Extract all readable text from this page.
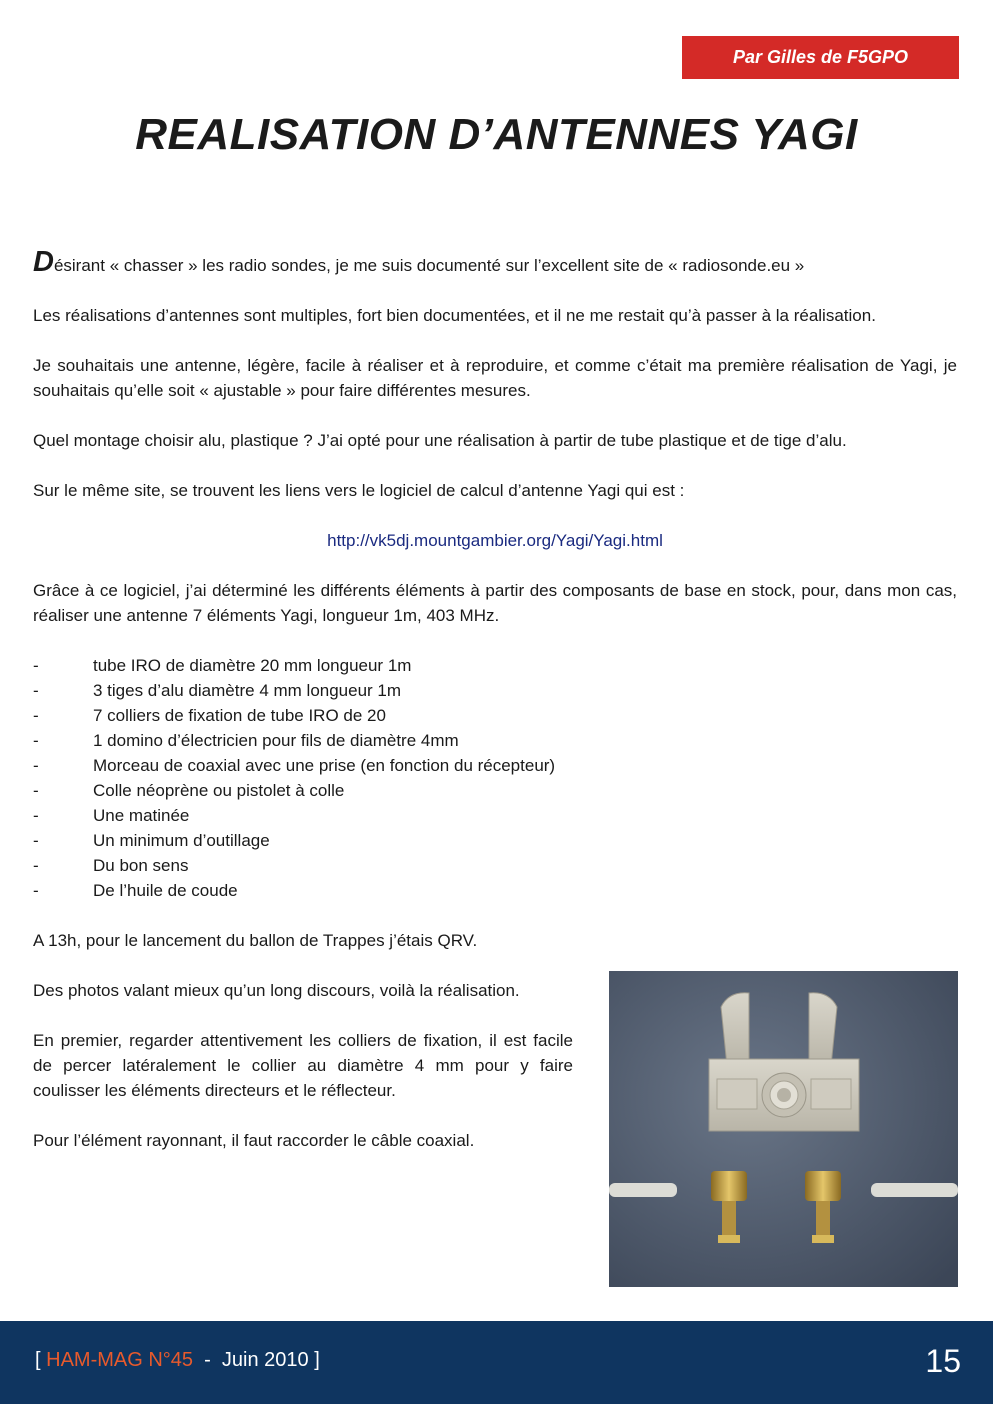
Par Gilles de F5GPO
REALISATION D’ANTENNES YAGI

Désirant « chasser » les radio sondes, je me suis documenté sur l’excellent site de « radiosonde.eu »

Les réalisations d’antennes sont multiples, fort bien documentées, et il ne me restait qu’à passer à la réalisation.

Je souhaitais une antenne, légère, facile à réaliser et à reproduire, et comme c’était ma première réalisation de Yagi, je souhaitais qu’elle soit « ajustable » pour faire différentes mesures.

Quel montage choisir alu, plastique ? J’ai opté pour une réalisation à partir de tube plastique et de tige d’alu.

Sur le même site, se trouvent les liens vers le logiciel de calcul d’antenne Yagi qui est :

http://vk5dj.mountgambier.org/Yagi/Yagi.html

Grâce à ce logiciel, j’ai déterminé les différents éléments à partir des composants de base en stock, pour, dans mon cas, réaliser une antenne 7 éléments Yagi, longueur 1m, 403 MHz.

-	tube IRO de diamètre 20 mm longueur 1m
-	3 tiges d’alu diamètre 4 mm longueur 1m
-	7 colliers de fixation de tube IRO de 20
-	1 domino d’électricien pour fils de diamètre 4mm
-	Morceau de coaxial avec une prise (en fonction du récepteur)
-	Colle néoprène ou pistolet à colle
-	Une matinée
-	Un minimum d’outillage
-	Du bon sens
-	De l’huile de coude

A 13h, pour le lancement du ballon de Trappes j’étais QRV.

Des photos valant mieux qu’un long discours, voilà la réalisation.

En premier, regarder attentivement les colliers de fixation, il est facile de percer latéralement le collier au diamètre 4 mm pour y faire coulisser les éléments directeurs et le réflecteur.

Pour l’élément rayonnant, il faut raccorder le câble coaxial.

[ HAM-MAG N°45  -  Juin 2010 ]	15
